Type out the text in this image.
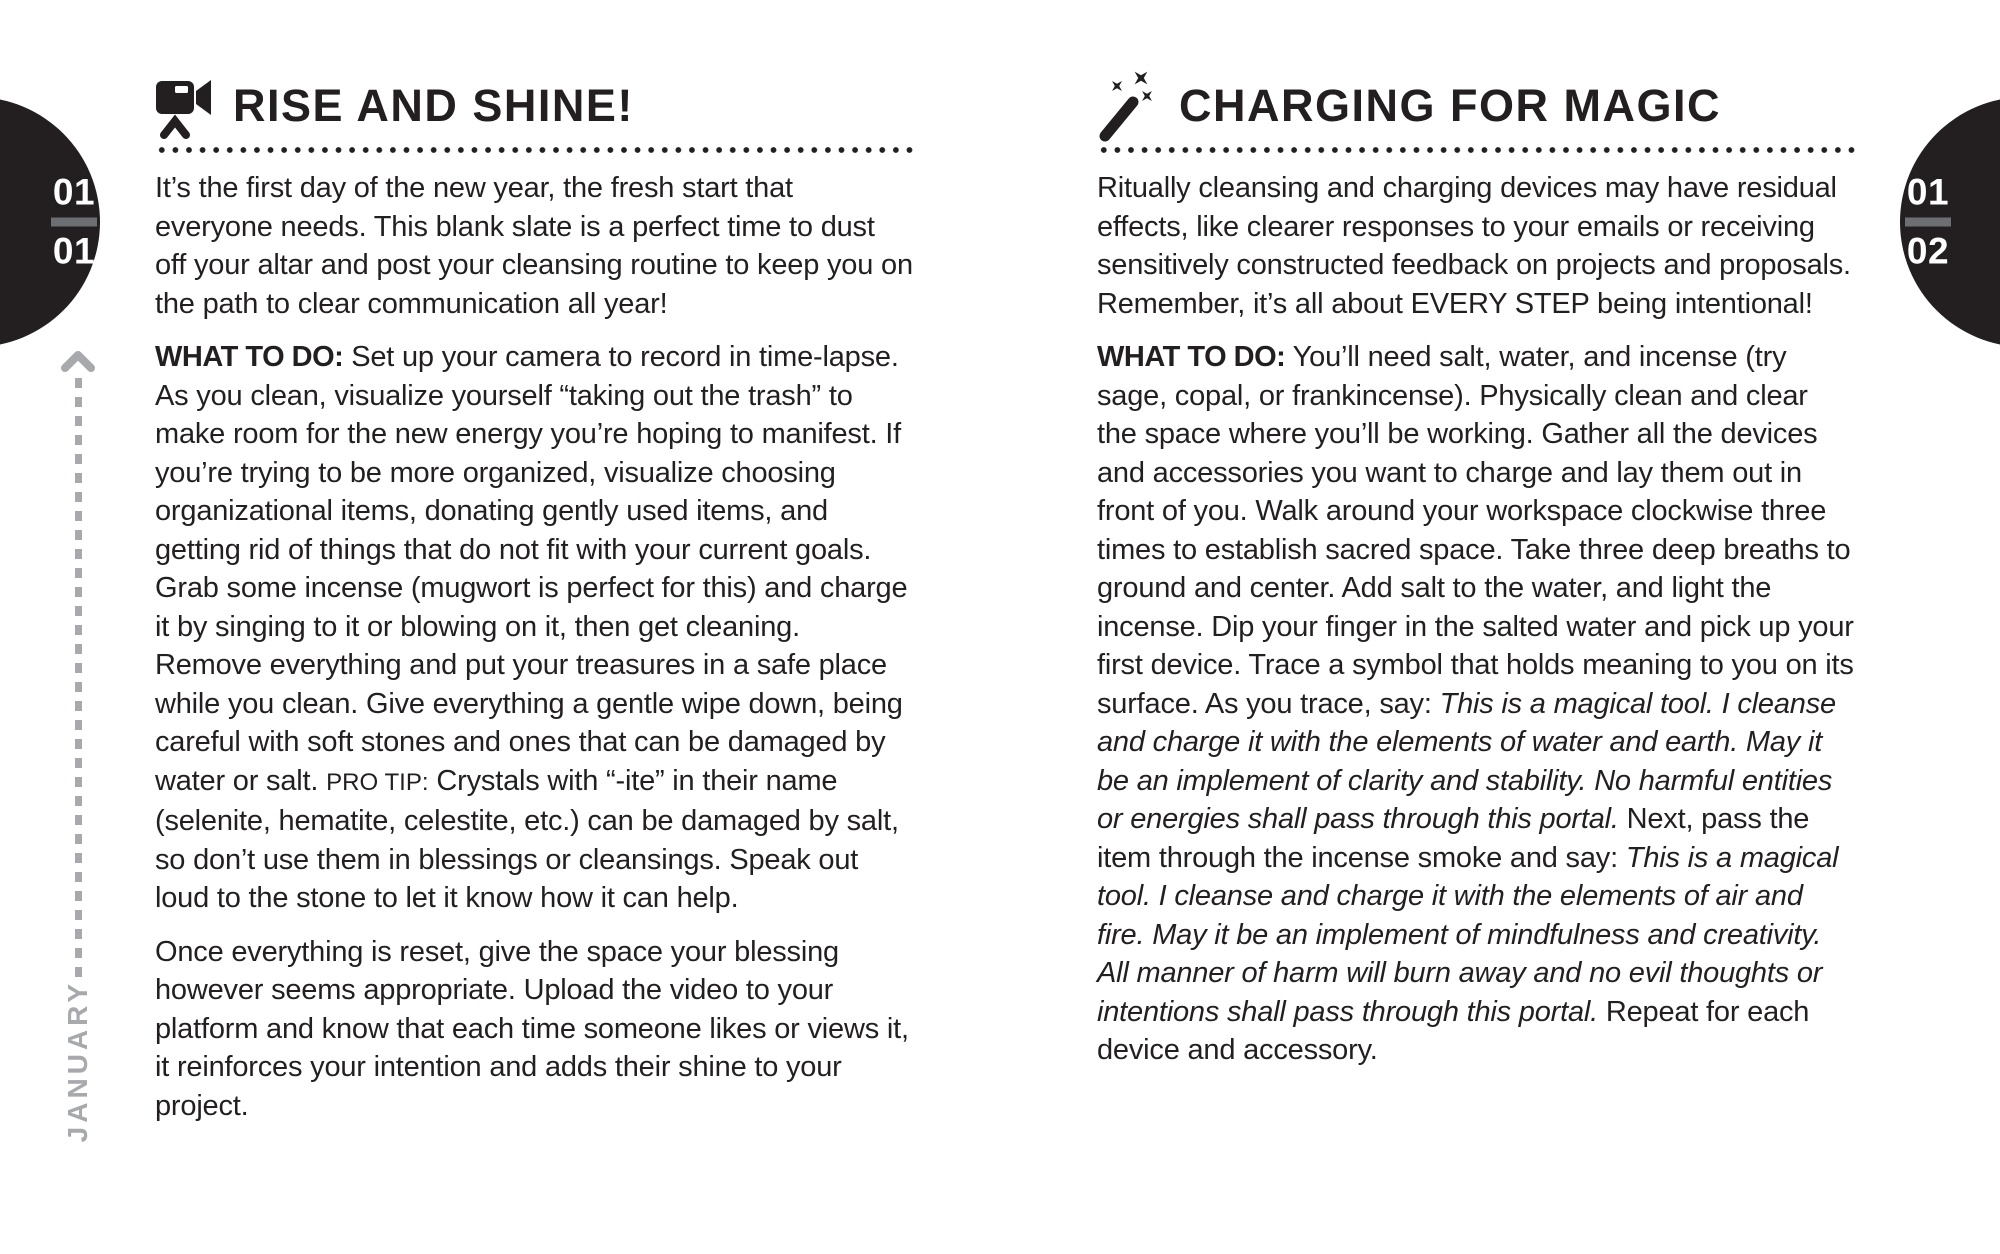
01
01
01
02
JANUARY
RISE AND SHINE!

It’s the first day of the new year, the fresh start that everyone needs. This blank slate is a perfect time to dust off your altar and post your cleansing routine to keep you on the path to clear communication all year!

WHAT TO DO: Set up your camera to record in time-lapse. As you clean, visualize yourself “taking out the trash” to make room for the new energy you’re hoping to manifest. If you’re trying to be more organized, visualize choosing organizational items, donating gently used items, and getting rid of things that do not fit with your current goals. Grab some incense (mugwort is perfect for this) and charge it by singing to it or blowing on it, then get cleaning. Remove everything and put your treasures in a safe place while you clean. Give everything a gentle wipe down, being careful with soft stones and ones that can be damaged by water or salt. PRO TIP: Crystals with “-ite” in their name (selenite, hematite, celestite, etc.) can be damaged by salt, so don’t use them in blessings or cleansings. Speak out loud to the stone to let it know how it can help.

Once everything is reset, give the space your blessing however seems appropriate. Upload the video to your platform and know that each time someone likes or views it, it reinforces your intention and adds their shine to your project.

CHARGING FOR MAGIC

Ritually cleansing and charging devices may have residual effects, like clearer responses to your emails or receiving sensitively constructed feedback on projects and proposals. Remember, it’s all about EVERY STEP being intentional!

WHAT TO DO: You’ll need salt, water, and incense (try sage, copal, or frankincense). Physically clean and clear the space where you’ll be working. Gather all the devices and accessories you want to charge and lay them out in front of you. Walk around your workspace clockwise three times to establish sacred space. Take three deep breaths to ground and center. Add salt to the water, and light the incense. Dip your finger in the salted water and pick up your first device. Trace a symbol that holds meaning to you on its surface. As you trace, say: This is a magical tool. I cleanse and charge it with the elements of water and earth. May it be an implement of clarity and stability. No harmful entities or energies shall pass through this portal. Next, pass the item through the incense smoke and say: This is a magical tool. I cleanse and charge it with the elements of air and fire. May it be an implement of mindfulness and creativity. All manner of harm will burn away and no evil thoughts or intentions shall pass through this portal. Repeat for each device and accessory.
